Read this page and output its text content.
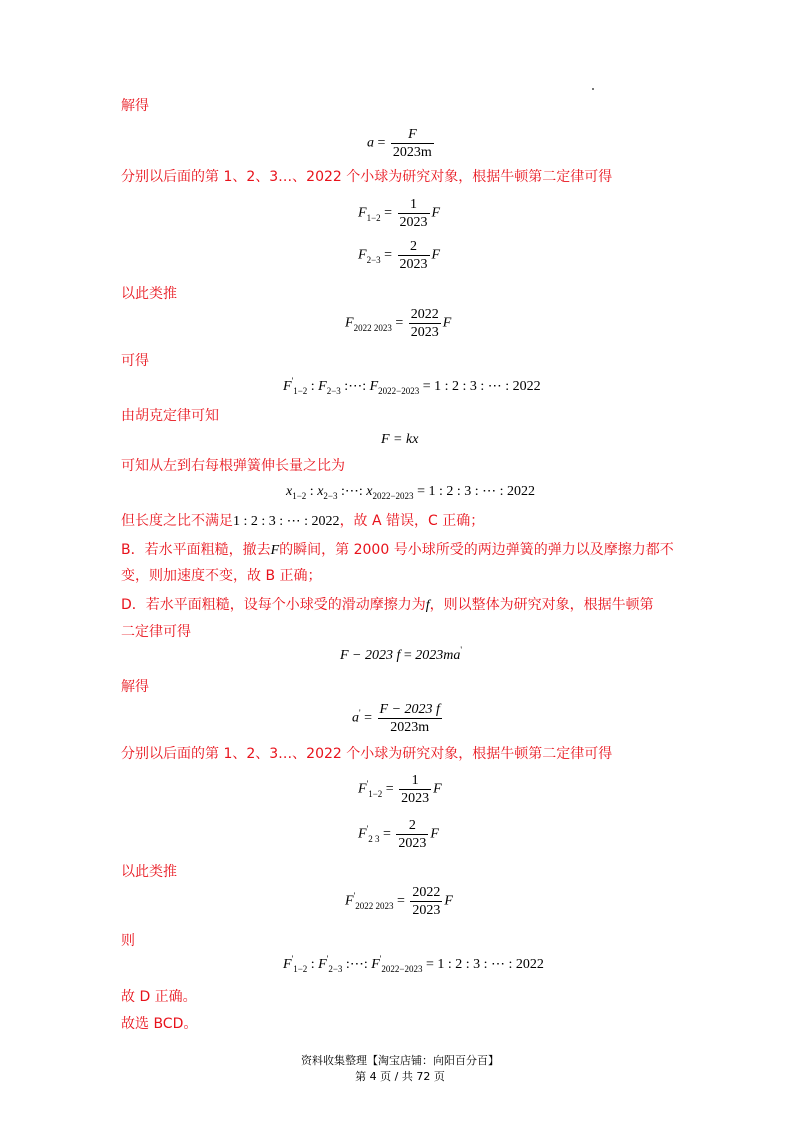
解得
$a = \frac{F}{2023m}$
分别以后面的第 1、2、3…、2022 个小球为研究对象，根据牛顿第二定律可得
$F_{1-2} = \frac{1}{2023}$ F
$F_{2-3} = \frac{2}{2023}$ F
以此类推
$F_{2022 2023} = \frac{2022}{2023}$ F
可得
$F'_{1-2}$ : $F_{2-3}$ :⋯: $F_{2022-2023} = 1$ : 2 : 3 : ⋯ : 2022
由胡克定律可知
F = kx
可知从左到右每根弹簧伸长量之比为
$x_{1-2}$ : $x_{2-3}$ :⋯: $x_{2022-2023} = 1$ : 2 : 3 : ⋯ : 2022
但长度之比不满足1 : 2 : 3 : ⋯ : 2022，故 A 错误，C 正确；
B．若水平面粗糙，撤去F的瞬间，第 2000 号小球所受的两边弹簧的弹力以及摩擦力都不
变，则加速度不变，故 B 正确；
D．若水平面粗糙，设每个小球受的滑动摩擦力为f，则以整体为研究对象，根据牛顿第
二定律可得
F − 2023 f = 2023ma'
解得
$a' = \frac{F - 2023 f}{2023m}$
分别以后面的第 1、2、3…、2022 个小球为研究对象，根据牛顿第二定律可得
$F'_{1-2} = \frac{1}{2023}$ F
$F'_{2 3} = \frac{2}{2023}$ F
以此类推
$F'_{2022 2023} = \frac{2022}{2023}$ F
则
$F'_{1-2}$ : $F'_{2-3}$ :⋯: $F'_{2022-2023} = 1$ : 2 : 3 : ⋯ : 2022
故 D 正确。
故选 BCD。
资料收集整理【淘宝店铺：向阳百分百】
第 4 页 / 共 72 页
